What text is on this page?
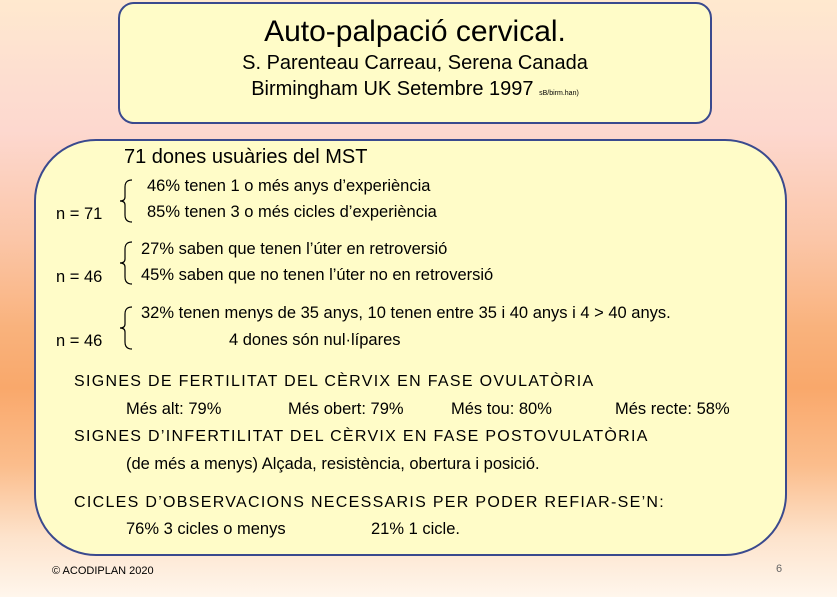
Auto-palpació cervical.
S. Parenteau Carreau, Serena Canada
Birmingham UK Setembre 1997 sB/birm.han)
71 dones usuàries del MST
46% tenen 1 o més anys d’experiència
n = 71	85% tenen 3 o més cicles d’experiència
27% saben que tenen l’úter en retroversió
n = 46 45% saben que no tenen l’úter no en retroversió
32% tenen menys de 35 anys, 10 tenen entre 35 i 40 anys i 4 > 40 anys.
n = 46	4 dones són nul·lípares
SIGNES DE FERTILITAT DEL CÈRVIX EN FASE OVULATÒRIA
Més alt: 79%	Més obert: 79%	Més tou: 80%	Més recte: 58%
SIGNES D’INFERTILITAT DEL CÈRVIX EN FASE POSTOVULATÒRIA
(de més a menys) Alçada, resistència, obertura i posició.
CICLES D’OBSERVACIONS NECESSARIS PER PODER REFIAR-SE’N:
76% 3 cicles o menys	21% 1 cicle.
© ACODIPLAN 2020	6
